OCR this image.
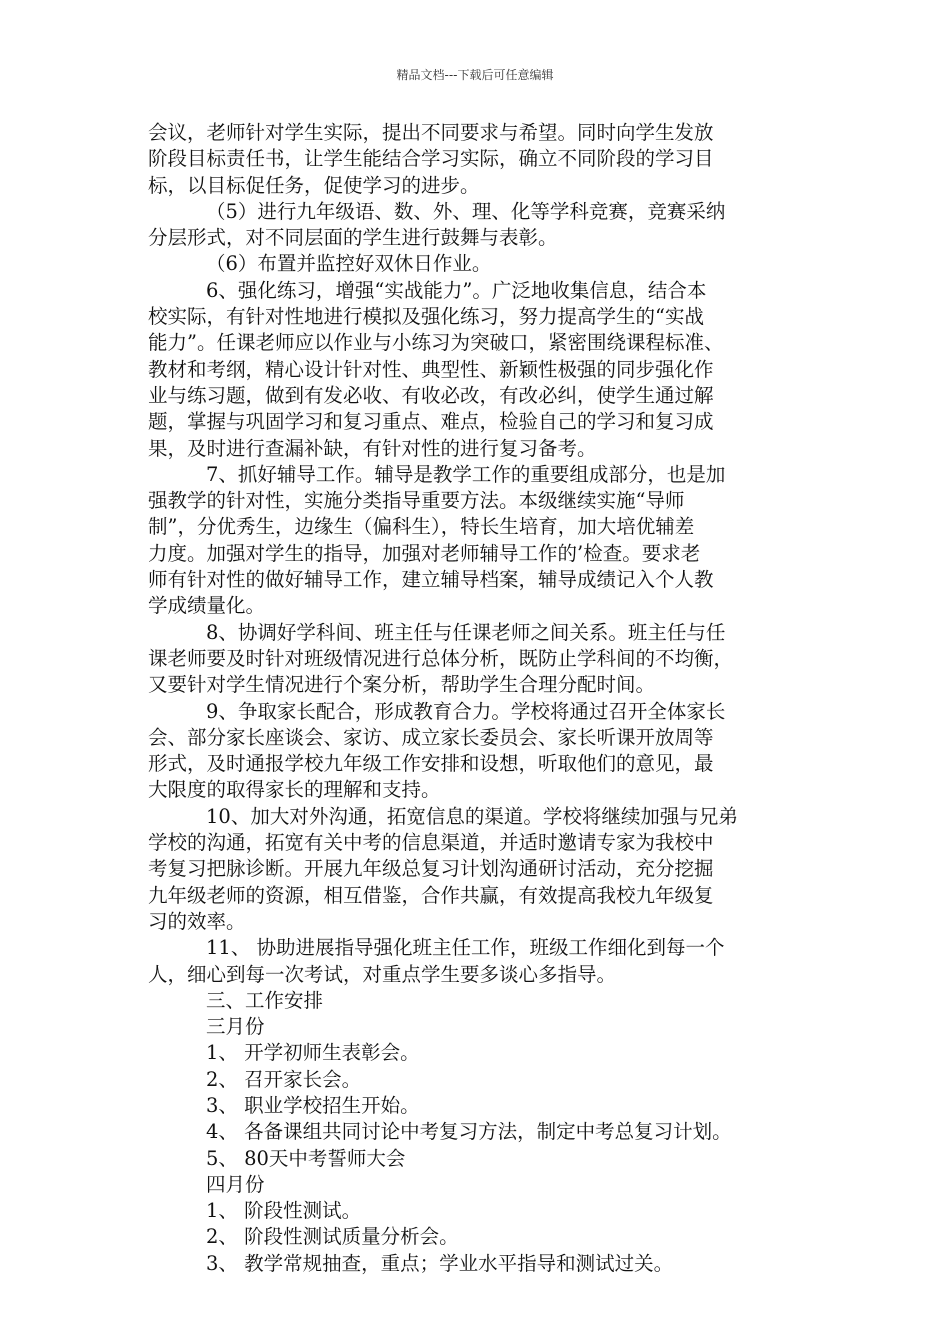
精品文档---下载后可任意编辑

会议，老师针对学生实际，提出不同要求与希望。同时向学生发放

阶段目标责任书，让学生能结合学习实际，确立不同阶段的学习目

标，以目标促任务，促使学习的进步。

（5）进行九年级语、数、外、理、化等学科竞赛，竞赛采纳

分层形式，对不同层面的学生进行鼓舞与表彰。

（6）布置并监控好双休日作业。

6、强化练习，增强“实战能力”。广泛地收集信息，结合本

校实际，有针对性地进行模拟及强化练习，努力提高学生的“实战

能力”。任课老师应以作业与小练习为突破口，紧密围绕课程标准、

教材和考纲，精心设计针对性、典型性、新颖性极强的同步强化作

业与练习题，做到有发必收、有收必改，有改必纠，使学生通过解

题，掌握与巩固学习和复习重点、难点，检验自己的学习和复习成

果，及时进行查漏补缺，有针对性的进行复习备考。

7、抓好辅导工作。辅导是教学工作的重要组成部分，也是加

强教学的针对性，实施分类指导重要方法。本级继续实施“导师

制”，分优秀生，边缘生（偏科生），特长生培育，加大培优辅差

力度。加强对学生的指导，加强对老师辅导工作的’检查。要求老

师有针对性的做好辅导工作，建立辅导档案，辅导成绩记入个人教

学成绩量化。

8、协调好学科间、班主任与任课老师之间关系。班主任与任

课老师要及时针对班级情况进行总体分析，既防止学科间的不均衡，

又要针对学生情况进行个案分析，帮助学生合理分配时间。

9、争取家长配合，形成教育合力。学校将通过召开全体家长

会、部分家长座谈会、家访、成立家长委员会、家长听课开放周等

形式，及时通报学校九年级工作安排和设想，听取他们的意见，最

大限度的取得家长的理解和支持。

10、加大对外沟通，拓宽信息的渠道。学校将继续加强与兄弟

学校的沟通，拓宽有关中考的信息渠道，并适时邀请专家为我校中

考复习把脉诊断。开展九年级总复习计划沟通研讨活动，充分挖掘

九年级老师的资源，相互借鉴，合作共赢，有效提高我校九年级复

习的效率。

11、 协助进展指导强化班主任工作，班级工作细化到每一个

人，细心到每一次考试，对重点学生要多谈心多指导。

三、工作安排

三月份

1、 开学初师生表彰会。

2、 召开家长会。

3、 职业学校招生开始。

4、 各备课组共同讨论中考复习方法，制定中考总复习计划。

5、 80天中考誓师大会

四月份

1、 阶段性测试。

2、 阶段性测试质量分析会。

3、 教学常规抽查，重点；学业水平指导和测试过关。
